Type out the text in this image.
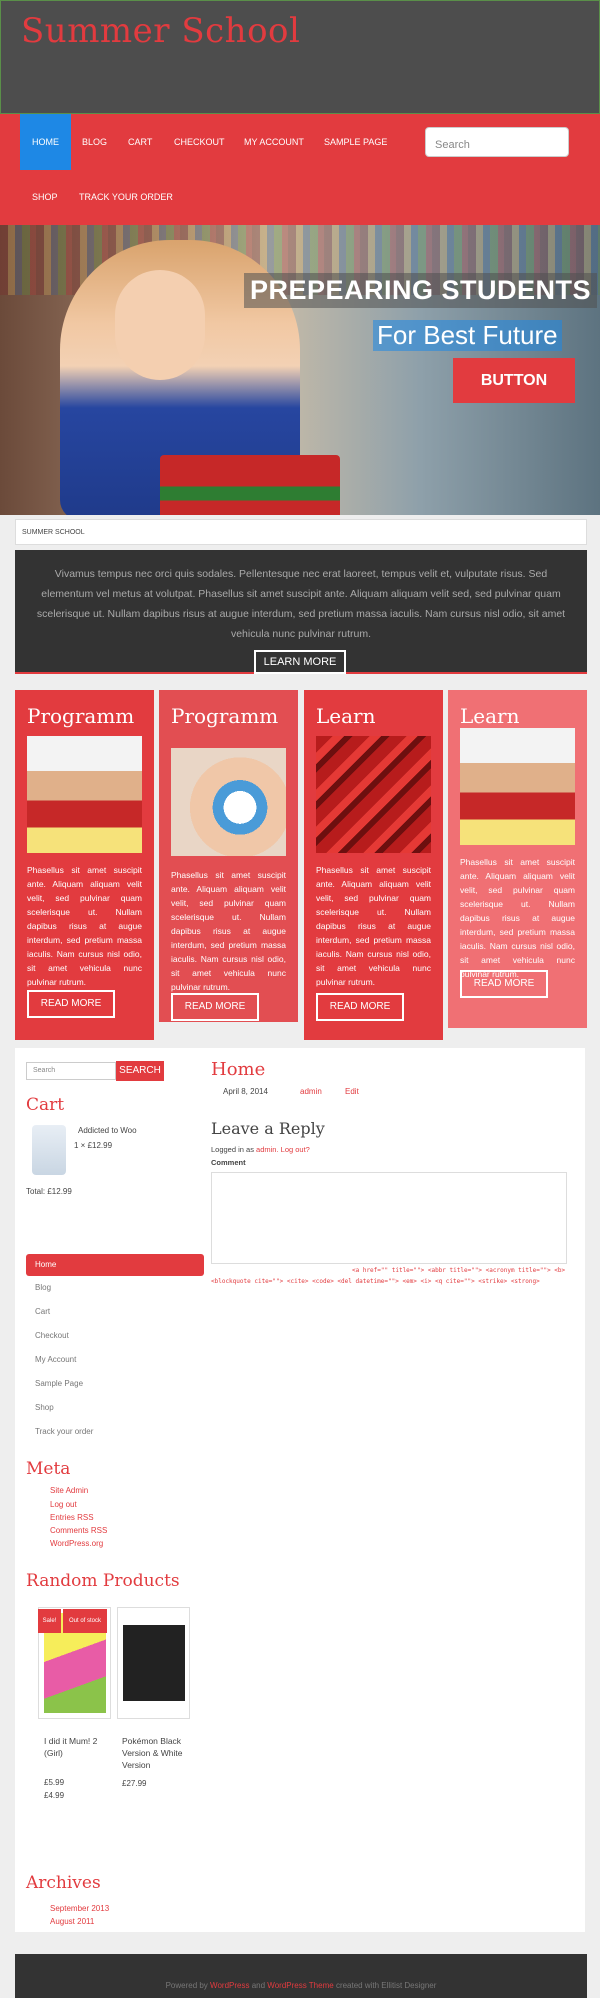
Summer School
HOME	BLOG	CART	CHECKOUT	MY ACCOUNT	SAMPLE PAGE
SHOP	TRACK YOUR ORDER
Search
PREPEARING STUDENTS
For Best Future
BUTTON
SUMMER SCHOOL
Vivamus tempus nec orci quis sodales. Pellentesque nec erat laoreet, tempus velit et, vulputate risus. Sed elementum vel metus at volutpat. Phasellus sit amet suscipit ante. Aliquam aliquam velit sed, sed pulvinar quam scelerisque ut. Nullam dapibus risus at augue interdum, sed pretium massa iaculis. Nam cursus nisl odio, sit amet vehicula nunc pulvinar rutrum.
LEARN MORE
Programm

Phasellus sit amet suscipit ante. Aliquam aliquam velit velit, sed pulvinar quam scelerisque ut. Nullam dapibus risus at augue interdum, sed pretium massa iaculis. Nam cursus nisl odio, sit amet vehicula nunc pulvinar rutrum.

READ MORE
Programm

Phasellus sit amet suscipit ante. Aliquam aliquam velit velit, sed pulvinar quam scelerisque ut. Nullam dapibus risus at augue interdum, sed pretium massa iaculis. Nam cursus nisl odio, sit amet vehicula nunc pulvinar rutrum.

READ MORE
Learn

Phasellus sit amet suscipit ante. Aliquam aliquam velit velit, sed pulvinar quam scelerisque ut. Nullam dapibus risus at augue interdum, sed pretium massa iaculis. Nam cursus nisl odio, sit amet vehicula nunc pulvinar rutrum.

READ MORE
Learn

Phasellus sit amet suscipit ante. Aliquam aliquam velit velit, sed pulvinar quam scelerisque ut. Nullam dapibus risus at augue interdum, sed pretium massa iaculis. Nam cursus nisl odio, sit amet vehicula nunc pulvinar rutrum.

READ MORE
Search	SEARCH
Cart
Addicted to Woo
1 × £12.99
Total: £12.99
Home
Blog
Cart
Checkout
My Account
Sample Page
Shop
Track your order
Meta
Site Admin
Log out
Entries RSS
Comments RSS
WordPress.org
Random Products
Sale!	Out of stock
I did it Mum! 2 (Girl)
£5.99
£4.99
Pokémon Black Version & White Version
£27.99
Archives
September 2013
August 2011
Home
April 8, 2014	admin	Edit
Leave a Reply
Logged in as admin. Log out?
Comment
<a href="" title=""> <abbr title=""> <acronym title=""> <b>
<blockquote cite=""> <cite> <code> <del datetime=""> <em> <i> <q cite=""> <strike> <strong>
Powered by WordPress and WordPress Theme created with Ellitist Designer
